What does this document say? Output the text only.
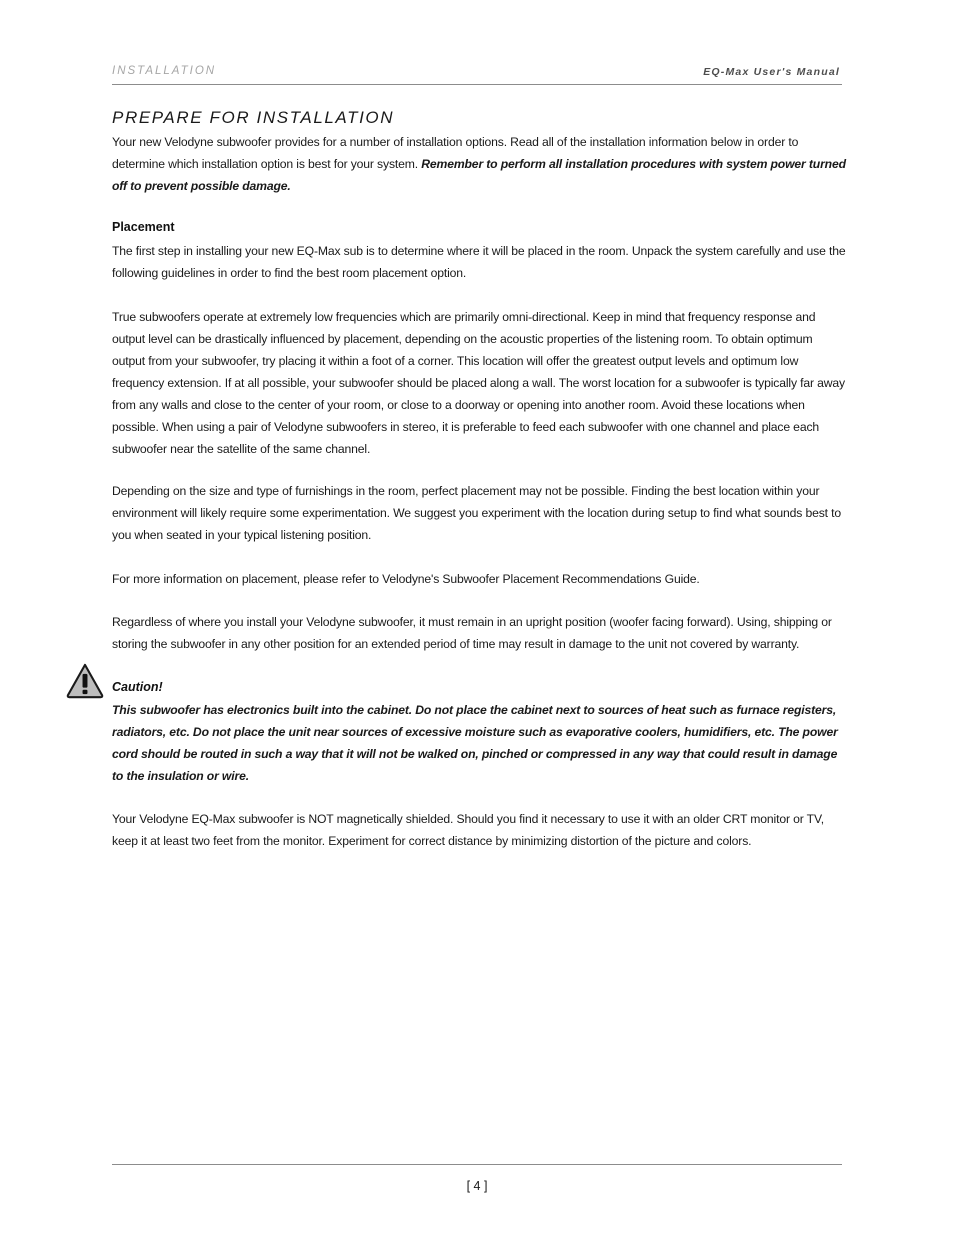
INSTALLATION	EQ-Max User's Manual
PREPARE FOR INSTALLATION

Your new Velodyne subwoofer provides for a number of installation options. Read all of the installation information below in order to determine which installation option is best for your system. Remember to perform all installation procedures with system power turned off to prevent possible damage.

Placement

The first step in installing your new EQ-Max sub is to determine where it will be placed in the room. Unpack the system carefully and use the following guidelines in order to find the best room placement option.

True subwoofers operate at extremely low frequencies which are primarily omni-directional. Keep in mind that frequency response and output level can be drastically influenced by placement, depending on the acoustic properties of the listening room. To obtain optimum output from your subwoofer, try placing it within a foot of a corner. This location will offer the greatest output levels and optimum low frequency extension. If at all possible, your subwoofer should be placed along a wall. The worst location for a subwoofer is typically far away from any walls and close to the center of your room, or close to a doorway or opening into another room. Avoid these locations when possible. When using a pair of Velodyne subwoofers in stereo, it is preferable to feed each subwoofer with one channel and place each subwoofer near the satellite of the same channel.

Depending on the size and type of furnishings in the room, perfect placement may not be possible. Finding the best location within your environment will likely require some experimentation. We suggest you experiment with the location during setup to find what sounds best to you when seated in your typical listening position.

For more information on placement, please refer to Velodyne's Subwoofer Placement Recommendations Guide.

Regardless of where you install your Velodyne subwoofer, it must remain in an upright position (woofer facing forward). Using, shipping or storing the subwoofer in any other position for an extended period of time may result in damage to the unit not covered by warranty.

Caution!

This subwoofer has electronics built into the cabinet. Do not place the cabinet next to sources of heat such as furnace registers, radiators, etc. Do not place the unit near sources of excessive moisture such as evaporative coolers, humidifiers, etc. The power cord should be routed in such a way that it will not be walked on, pinched or compressed in any way that could result in damage to the insulation or wire.

Your Velodyne EQ-Max subwoofer is NOT magnetically shielded. Should you find it necessary to use it with an older CRT monitor or TV, keep it at least two feet from the monitor. Experiment for correct distance by minimizing distortion of the picture and colors.

[ 4 ]
